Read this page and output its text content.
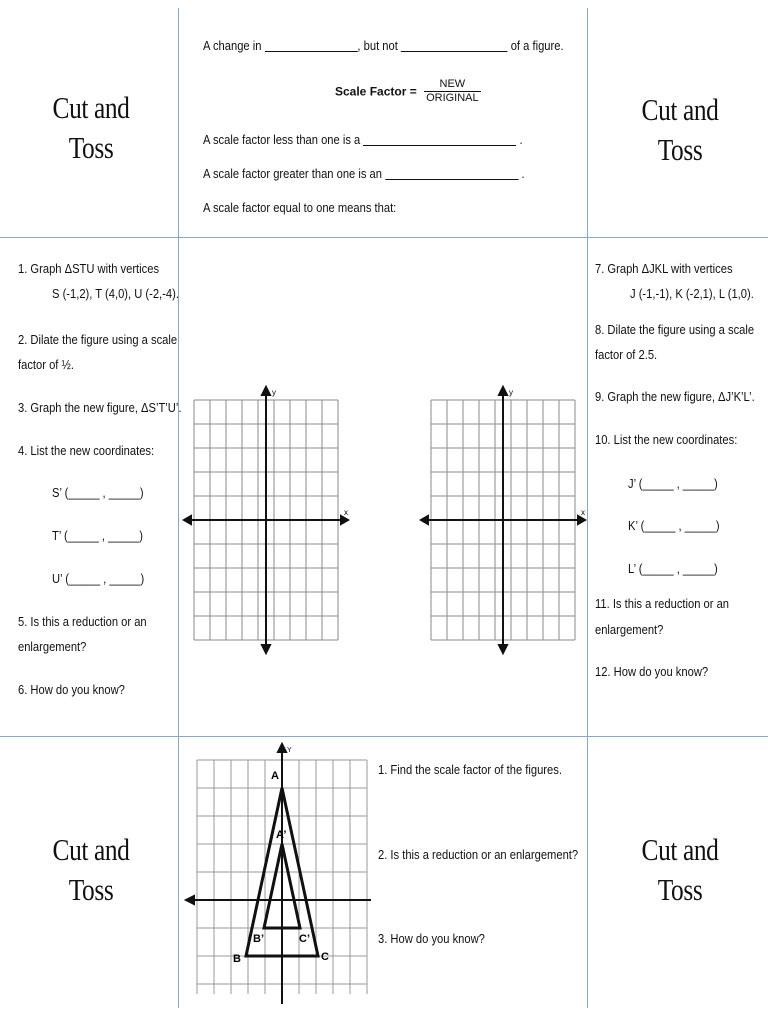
Cut and
Toss
Cut and
Toss
Cut and
Toss
Cut and
Toss
A change in	, but not	of a figure.
Scale Factor = $\frac{\text{NEW}}{\text{ORIGINAL}}$
A scale factor less than one is a	.
A scale factor greater than one is an	.
A scale factor equal to one means that:
1. Graph ΔSTU with vertices
S (-1,2), T (4,0), U (-2,-4).
2. Dilate the figure using a scale
factor of ½.
3. Graph the new figure, ΔS’T’U’.
4. List the new coordinates:
S’ (_____ , _____)
T’ (_____ , _____)
U’ (_____ , _____)
5. Is this a reduction or an
enlargement?
6. How do you know?
7. Graph ΔJKL with vertices
J (-1,-1), K (-2,1), L (1,0).
8. Dilate the figure using a scale
factor of 2.5.
9. Graph the new figure, ΔJ’K’L’.
10. List the new coordinates:
J’ (_____ , _____)
K’ (_____ , _____)
L’ (_____ , _____)
11. Is this a reduction or an
enlargement?
12. How do you know?
x
y
x
y
Y
A
A’
B’	C’
B	C
1. Find the scale factor of the figures.
2. Is this a reduction or an enlargement?
3. How do you know?
